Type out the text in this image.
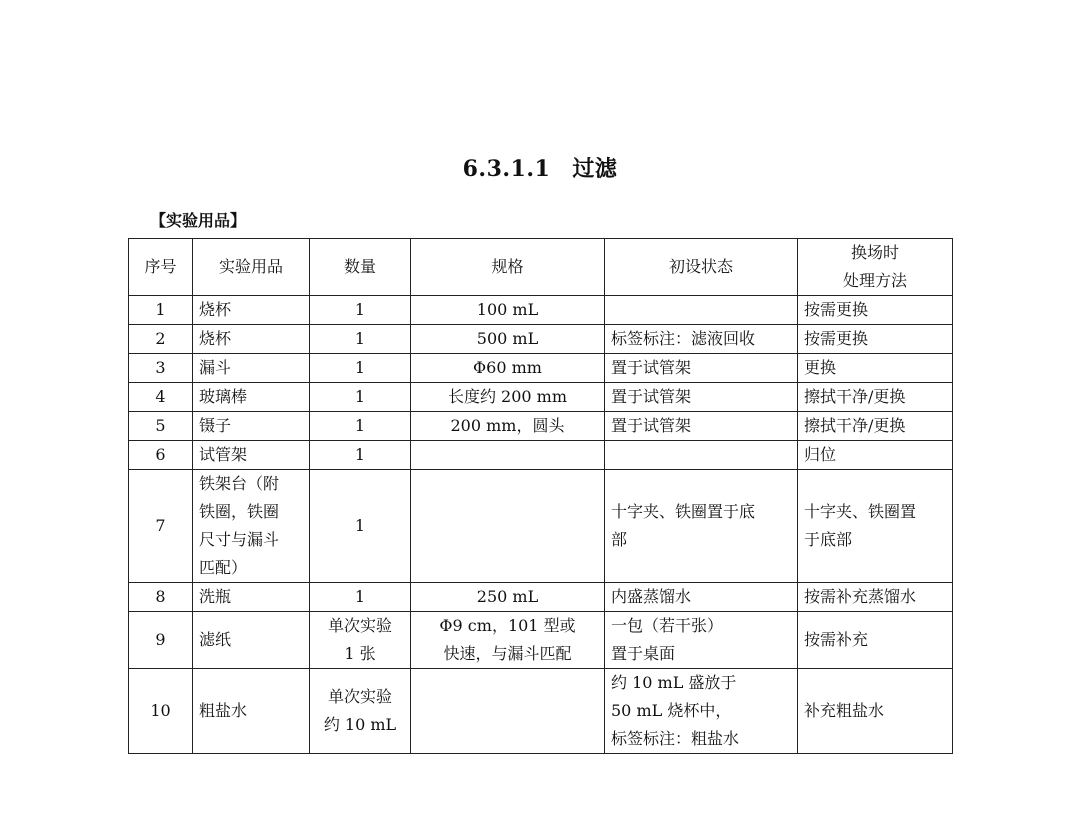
6.3.1.1 过滤
【实验用品】
序号	实验用品	数量	规格	初设状态	换场时
处理方法
1	烧杯	1	100 mL		按需更换
2	烧杯	1	500 mL	标签标注：滤液回收	按需更换
3	漏斗	1	Φ60 mm	置于试管架	更换
4	玻璃棒	1	长度约 200 mm	置于试管架	擦拭干净/更换
5	镊子	1	200 mm，圆头	置于试管架	擦拭干净/更换
6	试管架	1			归位
7	铁架台（附
铁圈，铁圈
尺寸与漏斗
匹配）	1		十字夹、铁圈置于底
部	十字夹、铁圈置
于底部
8	洗瓶	1	250 mL	内盛蒸馏水	按需补充蒸馏水
9	滤纸	单次实验
1 张	Φ9 cm，101 型或
快速，与漏斗匹配	一包（若干张）
置于桌面	按需补充
10	粗盐水	单次实验
约 10 mL		约 10 mL 盛放于
50 mL 烧杯中，
标签标注：粗盐水	补充粗盐水
